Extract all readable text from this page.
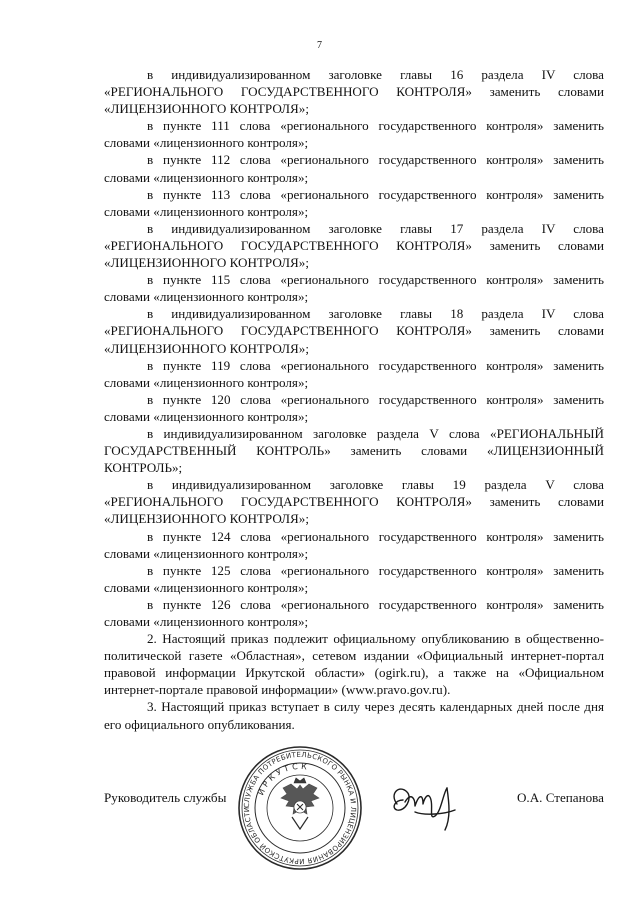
7

в индивидуализированном заголовке главы 16 раздела IV слова «РЕГИОНАЛЬНОГО ГОСУДАРСТВЕННОГО КОНТРОЛЯ» заменить словами «ЛИЦЕНЗИОННОГО КОНТРОЛЯ»;

в пункте 111 слова «регионального государственного контроля» заменить словами «лицензионного контроля»;

в пункте 112 слова «регионального государственного контроля» заменить словами «лицензионного контроля»;

в пункте 113 слова «регионального государственного контроля» заменить словами «лицензионного контроля»;

в индивидуализированном заголовке главы 17 раздела IV слова «РЕГИОНАЛЬНОГО ГОСУДАРСТВЕННОГО КОНТРОЛЯ» заменить словами «ЛИЦЕНЗИОННОГО КОНТРОЛЯ»;

в пункте 115 слова «регионального государственного контроля» заменить словами «лицензионного контроля»;

в индивидуализированном заголовке главы 18 раздела IV слова «РЕГИОНАЛЬНОГО ГОСУДАРСТВЕННОГО КОНТРОЛЯ» заменить словами «ЛИЦЕНЗИОННОГО КОНТРОЛЯ»;

в пункте 119 слова «регионального государственного контроля» заменить словами «лицензионного контроля»;

в пункте 120 слова «регионального государственного контроля» заменить словами «лицензионного контроля»;

в индивидуализированном заголовке раздела V слова «РЕГИОНАЛЬНЫЙ ГОСУДАРСТВЕННЫЙ КОНТРОЛЬ» заменить словами «ЛИЦЕНЗИОННЫЙ КОНТРОЛЬ»;

в индивидуализированном заголовке главы 19 раздела V слова «РЕГИОНАЛЬНОГО ГОСУДАРСТВЕННОГО КОНТРОЛЯ» заменить словами «ЛИЦЕНЗИОННОГО КОНТРОЛЯ»;

в пункте 124 слова «регионального государственного контроля» заменить словами «лицензионного контроля»;

в пункте 125 слова «регионального государственного контроля» заменить словами «лицензионного контроля»;

в пункте 126 слова «регионального государственного контроля» заменить словами «лицензионного контроля»;

2. Настоящий приказ подлежит официальному опубликованию в общественно-политической газете «Областная», сетевом издании «Официальный интернет-портал правовой информации Иркутской области» (ogirk.ru), а также на «Официальном интернет-портале правовой информации» (www.pravo.gov.ru).

3. Настоящий приказ вступает в силу через десять календарных дней после дня его официального опубликования.

Руководитель службы	О.А. Степанова
СЛУЖБА ПОТРЕБИТЕЛЬСКОГО РЫНКА И ЛИЦЕНЗИРОВАНИЯ ИРКУТСКОЙ ОБЛАСТИ
ИРКУТСК
